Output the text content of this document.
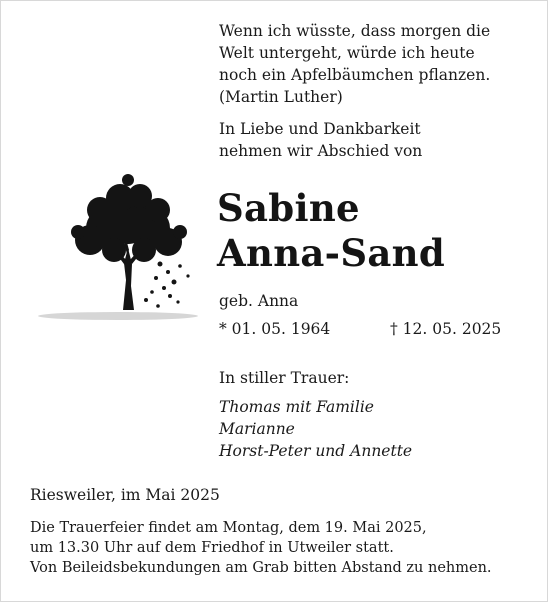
Wenn ich wüsste, dass morgen die
Welt untergeht, würde ich heute
noch ein Apfelbäumchen pflanzen.
(Martin Luther)
In Liebe und Dankbarkeit
nehmen wir Abschied von
Sabine
Anna-Sand
geb. Anna
* 01. 05. 1964	† 12. 05. 2025
In stiller Trauer:
Thomas mit Familie
Marianne
Horst-Peter und Annette
Riesweiler, im Mai 2025
Die Trauerfeier findet am Montag, dem 19. Mai 2025,
um 13.30 Uhr auf dem Friedhof in Utweiler statt.
Von Beileidsbekundungen am Grab bitten Abstand zu nehmen.
